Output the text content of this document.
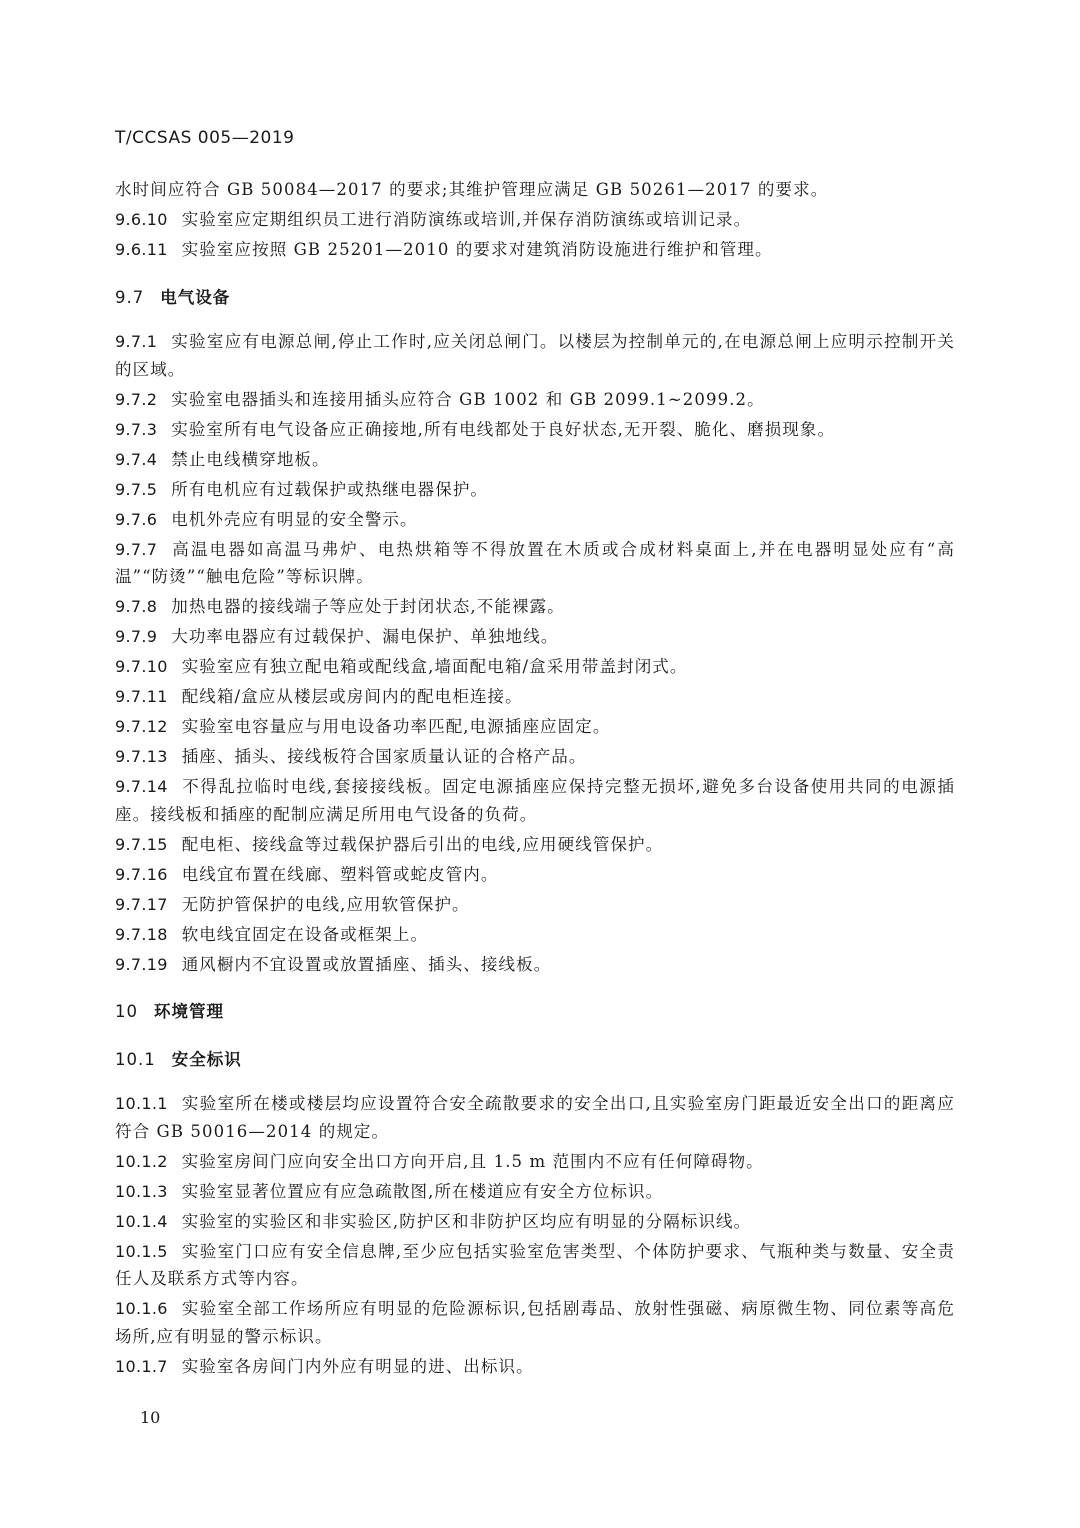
T/CCSAS 005—2019
水时间应符合 GB 50084—2017 的要求;其维护管理应满足 GB 50261—2017 的要求。
9.6.10 实验室应定期组织员工进行消防演练或培训,并保存消防演练或培训记录。
9.6.11 实验室应按照 GB 25201—2010 的要求对建筑消防设施进行维护和管理。
9.7 电气设备
9.7.1 实验室应有电源总闸,停止工作时,应关闭总闸门。以楼层为控制单元的,在电源总闸上应明示控制开关的区域。
9.7.2 实验室电器插头和连接用插头应符合 GB 1002 和 GB 2099.1~2099.2。
9.7.3 实验室所有电气设备应正确接地,所有电线都处于良好状态,无开裂、脆化、磨损现象。
9.7.4 禁止电线横穿地板。
9.7.5 所有电机应有过载保护或热继电器保护。
9.7.6 电机外壳应有明显的安全警示。
9.7.7 高温电器如高温马弗炉、电热烘箱等不得放置在木质或合成材料桌面上,并在电器明显处应有“高温”“防烫”“触电危险”等标识牌。
9.7.8 加热电器的接线端子等应处于封闭状态,不能裸露。
9.7.9 大功率电器应有过载保护、漏电保护、单独地线。
9.7.10 实验室应有独立配电箱或配线盒,墙面配电箱/盒采用带盖封闭式。
9.7.11 配线箱/盒应从楼层或房间内的配电柜连接。
9.7.12 实验室电容量应与用电设备功率匹配,电源插座应固定。
9.7.13 插座、插头、接线板符合国家质量认证的合格产品。
9.7.14 不得乱拉临时电线,套接接线板。固定电源插座应保持完整无损坏,避免多台设备使用共同的电源插座。接线板和插座的配制应满足所用电气设备的负荷。
9.7.15 配电柜、接线盒等过载保护器后引出的电线,应用硬线管保护。
9.7.16 电线宜布置在线廊、塑料管或蛇皮管内。
9.7.17 无防护管保护的电线,应用软管保护。
9.7.18 软电线宜固定在设备或框架上。
9.7.19 通风橱内不宜设置或放置插座、插头、接线板。
10 环境管理
10.1 安全标识
10.1.1 实验室所在楼或楼层均应设置符合安全疏散要求的安全出口,且实验室房门距最近安全出口的距离应符合 GB 50016—2014 的规定。
10.1.2 实验室房间门应向安全出口方向开启,且 1.5 m 范围内不应有任何障碍物。
10.1.3 实验室显著位置应有应急疏散图,所在楼道应有安全方位标识。
10.1.4 实验室的实验区和非实验区,防护区和非防护区均应有明显的分隔标识线。
10.1.5 实验室门口应有安全信息牌,至少应包括实验室危害类型、个体防护要求、气瓶种类与数量、安全责任人及联系方式等内容。
10.1.6 实验室全部工作场所应有明显的危险源标识,包括剧毒品、放射性强磁、病原微生物、同位素等高危场所,应有明显的警示标识。
10.1.7 实验室各房间门内外应有明显的进、出标识。
10
